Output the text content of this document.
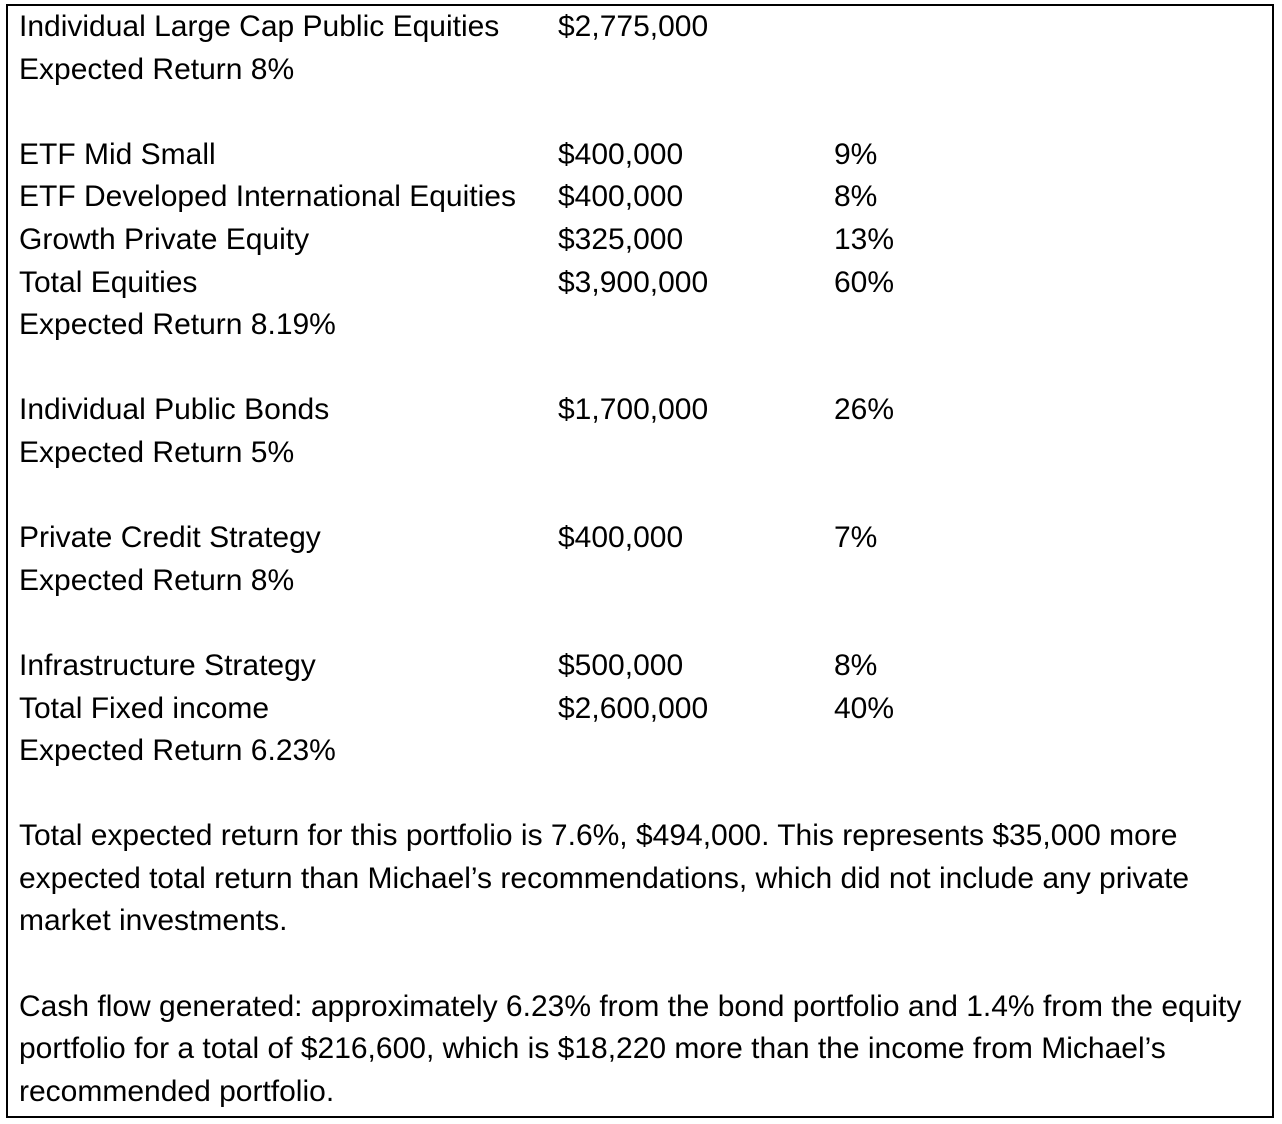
Individual Large Cap Public Equities $2,775,000
Expected Return 8%
ETF Mid Small	$400,000	9%
ETF Developed International Equities $400,000	8%
Growth Private Equity	$325,000	13%
Total Equities	$3,900,000	60%
Expected Return 8.19%
Individual Public Bonds	$1,700,000	26%
Expected Return 5%
Private Credit Strategy	$400,000	7%
Expected Return 8%
Infrastructure Strategy	$500,000	8%
Total Fixed income	$2,600,000	40%
Expected Return 6.23%

Total expected return for this portfolio is 7.6%, $494,000. This represents $35,000 more expected total return than Michael’s recommendations, which did not include any private market investments.

Cash flow generated: approximately 6.23% from the bond portfolio and 1.4% from the equity portfolio for a total of $216,600, which is $18,220 more than the income from Michael’s recommended portfolio.
